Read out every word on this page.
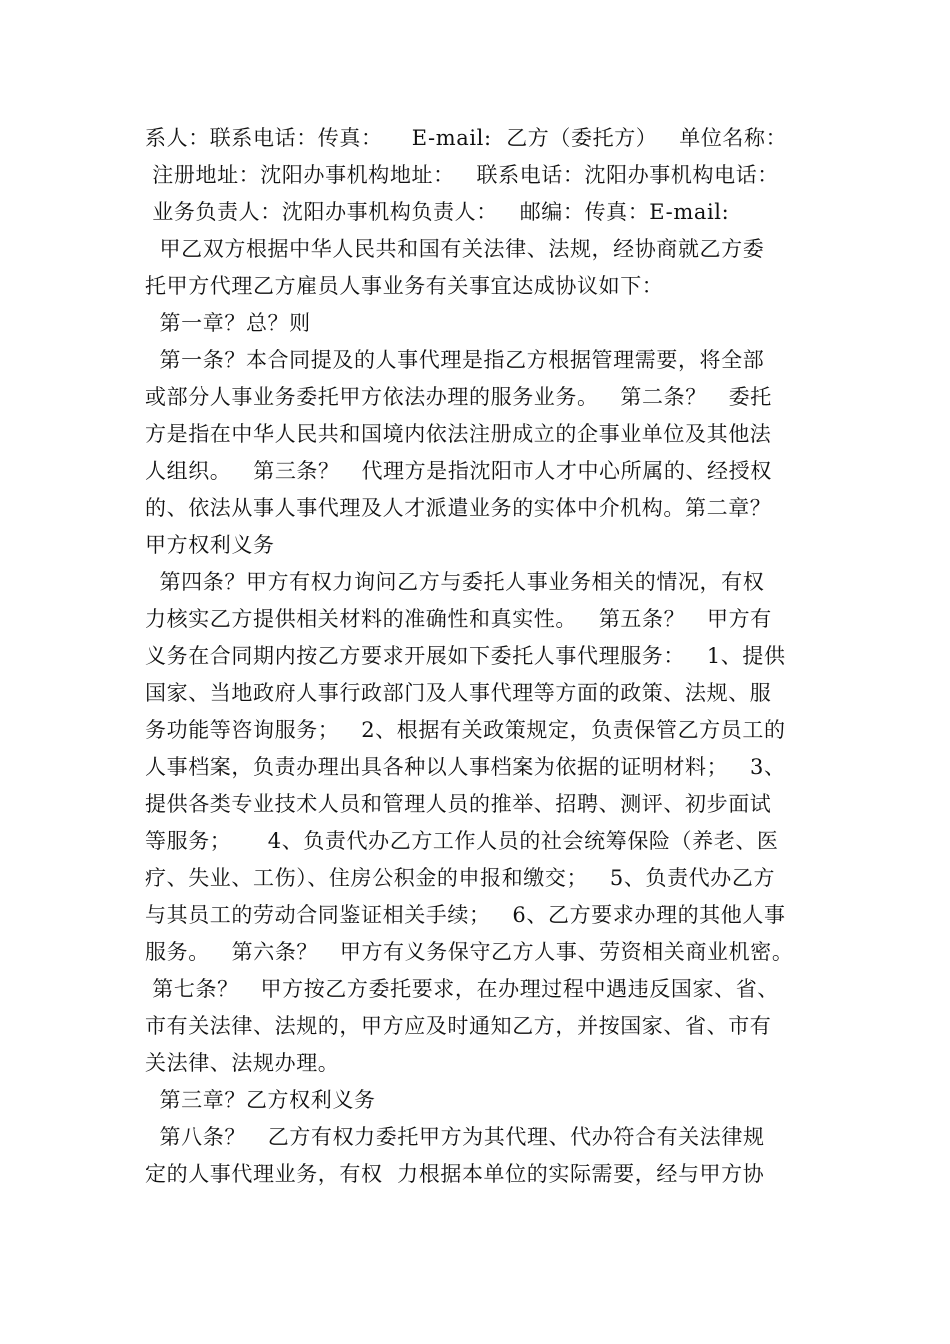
系人：联系电话：传真：    E-mail:  乙方（委托方）   单位名称：
注册地址：沈阳办事机构地址：   联系电话：沈阳办事机构电话：
业务负责人：沈阳办事机构负责人：   邮编：传真：E-mail:
甲乙双方根据中华人民共和国有关法律、法规，经协商就乙方委
托甲方代理乙方雇员人事业务有关事宜达成协议如下：
第一章？总？则
第一条？本合同提及的人事代理是指乙方根据管理需要，将全部
或部分人事业务委托甲方依法办理的服务业务。   第二条？   委托
方是指在中华人民共和国境内依法注册成立的企事业单位及其他法
人组织。   第三条？   代理方是指沈阳市人才中心所属的、经授权
的、依法从事人事代理及人才派遣业务的实体中介机构。第二章？
甲方权利义务
第四条？甲方有权力询问乙方与委托人事业务相关的情况，有权
力核实乙方提供相关材料的准确性和真实性。   第五条？   甲方有
义务在合同期内按乙方要求开展如下委托人事代理服务：   1、提供
国家、当地政府人事行政部门及人事代理等方面的政策、法规、服
务功能等咨询服务；   2、根据有关政策规定，负责保管乙方员工的
人事档案，负责办理出具各种以人事档案为依据的证明材料；   3、
提供各类专业技术人员和管理人员的推举、招聘、测评、初步面试
等服务；     4、负责代办乙方工作人员的社会统筹保险（养老、医
疗、失业、工伤）、住房公积金的申报和缴交；   5、负责代办乙方
与其员工的劳动合同鉴证相关手续；   6、乙方要求办理的其他人事
服务。   第六条？   甲方有义务保守乙方人事、劳资相关商业机密。
第七条？   甲方按乙方委托要求，在办理过程中遇违反国家、省、
市有关法律、法规的，甲方应及时通知乙方，并按国家、省、市有
关法律、法规办理。
第三章？乙方权利义务
第八条？   乙方有权力委托甲方为其代理、代办符合有关法律规
定的人事代理业务，有权  力根据本单位的实际需要，经与甲方协
